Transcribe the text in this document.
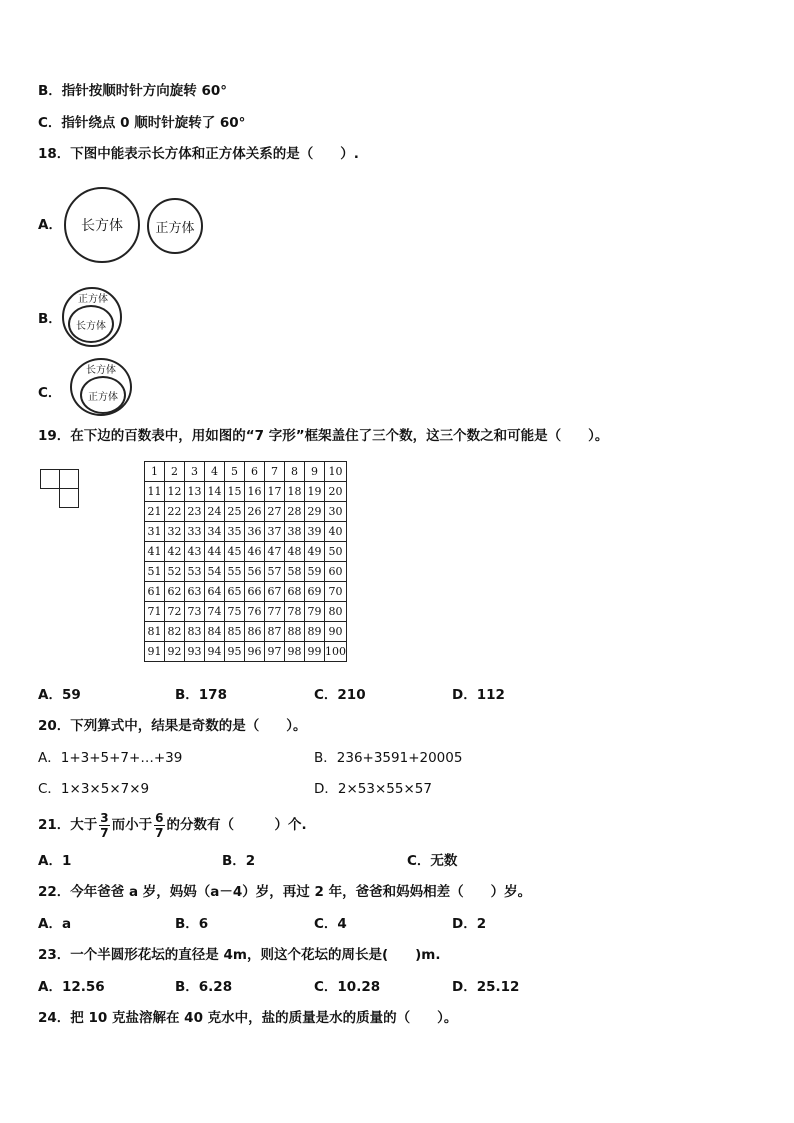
B．指针按顺时针方向旋转 60°
C．指针绕点 0 顺时针旋转了 60°
18．下图中能表示长方体和正方体关系的是（　　）.
A． 长方体 正方体
B．
正方体
长方体
C．
长方体
正方体
19．在下边的百数表中，用如图的“7 字形”框架盖住了三个数，这三个数之和可能是（　　）。
1	2	3	4	5	6	7	8	9	10
11	12	13	14	15	16	17	18	19	20
21	22	23	24	25	26	27	28	29	30
31	32	33	34	35	36	37	38	39	40
41	42	43	44	45	46	47	48	49	50
51	52	53	54	55	56	57	58	59	60
61	62	63	64	65	66	67	68	69	70
71	72	73	74	75	76	77	78	79	80
81	82	83	84	85	86	87	88	89	90
91	92	93	94	95	96	97	98	99	100
A．59	B．178	C．210	D．112
20．下列算式中，结果是奇数的是（　　）。
A．1+3+5+7+…+39	B．236+3591+20005
C．1×3×5×7×9	D．2×53×55×57
21．大于 $\frac{3}{7}$ 而小于 $\frac{6}{7}$ 的分数有（　　　）个.
A．1	B．2	C．无数
22．今年爸爸 a 岁，妈妈（a－4）岁，再过 2 年，爸爸和妈妈相差（　　）岁。
A．a	B．6	C．4	D．2
23．一个半圆形花坛的直径是 4m，则这个花坛的周长是(　　)m.
A．12.56	B．6.28	C．10.28	D．25.12
24．把 10 克盐溶解在 40 克水中，盐的质量是水的质量的（　　）。
